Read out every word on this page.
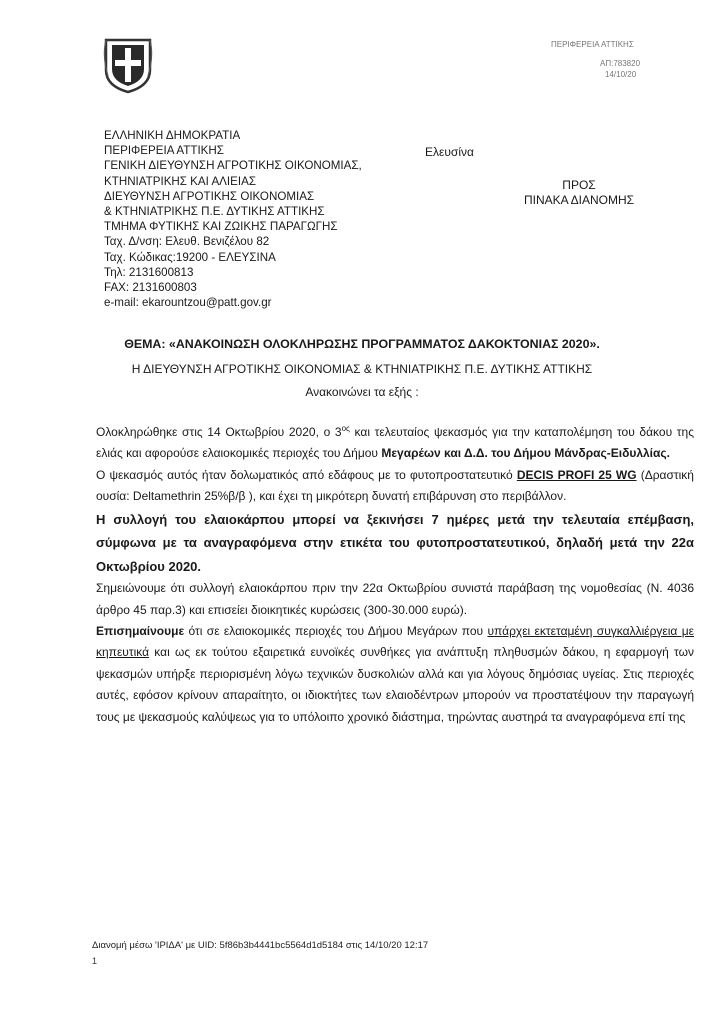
ΠΕΡΙΦΕΡΕΙΑ ΑΤΤΙΚΗΣ
ΑΠ:783820
14/10/20
ΕΛΛΗΝΙΚΗ ΔΗΜΟΚΡΑΤΙΑ
ΠΕΡΙΦΕΡΕΙΑ ΑΤΤΙΚΗΣ
ΓΕΝΙΚΗ ΔΙΕΥΘΥΝΣΗ ΑΓΡΟΤΙΚΗΣ ΟΙΚΟΝΟΜΙΑΣ,
ΚΤΗΝΙΑΤΡΙΚΗΣ ΚΑΙ ΑΛΙΕΙΑΣ
ΔΙΕΥΘΥΝΣΗ ΑΓΡΟΤΙΚΗΣ ΟΙΚΟΝΟΜΙΑΣ
& ΚΤΗΝΙΑΤΡΙΚΗΣ Π.Ε. ΔΥΤΙΚΗΣ ΑΤΤΙΚΗΣ
ΤΜΗΜΑ ΦΥΤΙΚΗΣ ΚΑΙ ΖΩΙΚΗΣ ΠΑΡΑΓΩΓΗΣ
Ταχ. Δ/νση: Ελευθ. Βενιζέλου 82
Ταχ. Κώδικας:19200 - ΕΛΕΥΣΙΝΑ
Τηλ: 2131600813
FAX: 2131600803
e-mail: ekarountzou@patt.gov.gr
Ελευσίνα
ΠΡΟΣ
ΠΙΝΑΚΑ ΔΙΑΝΟΜΗΣ
ΘΕΜΑ: «ΑΝΑΚΟΙΝΩΣΗ ΟΛΟΚΛΗΡΩΣΗΣ ΠΡΟΓΡΑΜΜΑΤΟΣ ΔΑΚΟΚΤΟΝΙΑΣ 2020».
Η ΔΙΕΥΘΥΝΣΗ ΑΓΡΟΤΙΚΗΣ ΟΙΚΟΝΟΜΙΑΣ & ΚΤΗΝΙΑΤΡΙΚΗΣ Π.Ε. ΔΥΤΙΚΗΣ ΑΤΤΙΚΗΣ
Ανακοινώνει τα εξής :

Ολοκληρώθηκε στις 14 Οκτωβρίου 2020, ο $3^{o\varsigma}$ και τελευταίος ψεκασμός για την καταπολέμηση του δάκου της ελιάς και αφορούσε ελαιοκομικές περιοχές του Δήμου Μεγαρέων και Δ.Δ. του Δήμου Μάνδρας-Ειδυλλίας.

Ο ψεκασμός αυτός ήταν δολωματικός από εδάφους με το φυτοπροστατευτικό DECIS PROFI 25 WG (Δραστική ουσία: Deltamethrin 25%β/β ), και έχει τη μικρότερη δυνατή επιβάρυνση στο περιβάλλον.

Η συλλογή του ελαιοκάρπου μπορεί να ξεκινήσει 7 ημέρες μετά την τελευταία επέμβαση, σύμφωνα με τα αναγραφόμενα στην ετικέτα του φυτοπροστατευτικού, δηλαδή μετά την 22α Οκτωβρίου 2020.

Σημειώνουμε ότι συλλογή ελαιοκάρπου πριν την 22α Οκτωβρίου συνιστά παράβαση της νομοθεσίας (Ν. 4036 άρθρο 45 παρ.3) και επισείει διοικητικές κυρώσεις (300-30.000 ευρώ).

Επισημαίνουμε ότι σε ελαιοκομικές περιοχές του Δήμου Μεγάρων που υπάρχει εκτεταμένη συγκαλλιέργεια με κηπευτικά και ως εκ τούτου εξαιρετικά ευνοϊκές συνθήκες για ανάπτυξη πληθυσμών δάκου, η εφαρμογή των ψεκασμών υπήρξε περιορισμένη λόγω τεχνικών δυσκολιών αλλά και για λόγους δημόσιας υγείας. Στις περιοχές αυτές, εφόσον κρίνουν απαραίτητο, οι ιδιοκτήτες των ελαιοδέντρων μπορούν να προστατέψουν την παραγωγή τους με ψεκασμούς καλύψεως για το υπόλοιπο χρονικό διάστημα, τηρώντας αυστηρά τα αναγραφόμενα επί της

Διανομή μέσω 'ΙΡΙΔΑ' με UID: 5f86b3b4441bc5564d1d5184 στις 14/10/20 12:17
1
